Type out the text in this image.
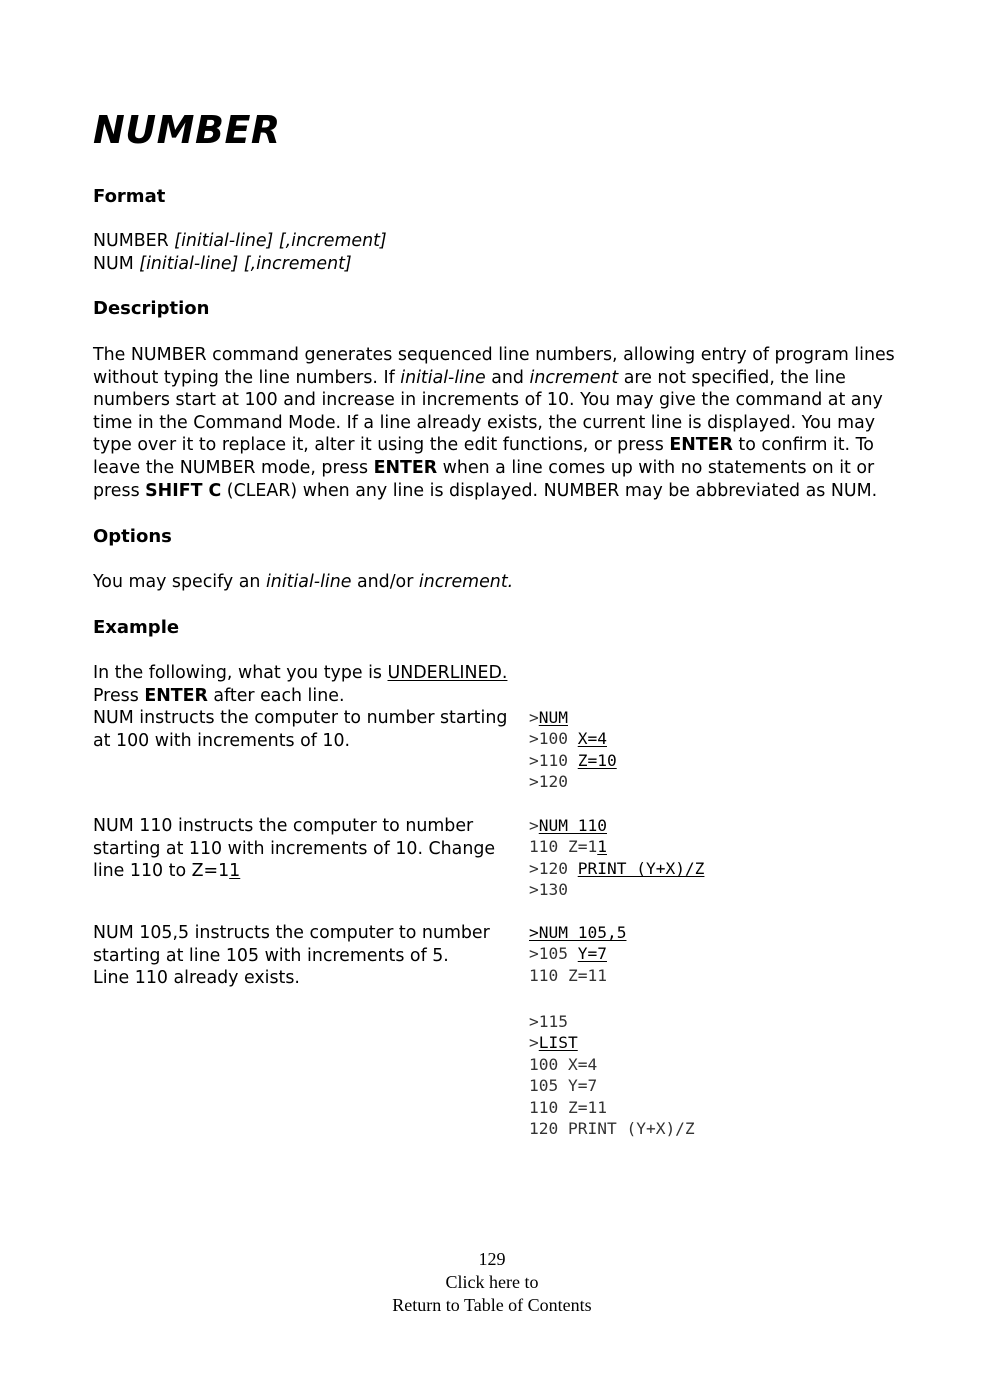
NUMBER
Format

NUMBER [initial-line] [,increment]

NUM [initial-line] [,increment]

Description

The NUMBER command generates sequenced line numbers, allowing entry of program lines

without typing the line numbers. If initial-line and increment are not specified, the line

numbers start at 100 and increase in increments of 10. You may give the command at any

time in the Command Mode. If a line already exists, the current line is displayed. You may

type over it to replace it, alter it using the edit functions, or press ENTER to confirm it. To

leave the NUMBER mode, press ENTER when a line comes up with no statements on it or

press SHIFT C (CLEAR) when any line is displayed. NUMBER may be abbreviated as NUM.

Options

You may specify an initial-line and/or increment.

Example

In the following, what you type is UNDERLINED.

Press ENTER after each line.

NUM instructs the computer to number starting

at 100 with increments of 10.

>NUM
>100 X=4
>110 Z=10
>120

NUM 110 instructs the computer to number

starting at 110 with increments of 10. Change

line 110 to Z=11

>NUM 110
110 Z=11
>120 PRINT (Y+X)/Z
>130

NUM 105,5 instructs the computer to number

starting at line 105 with increments of 5.

Line 110 already exists.

>NUM 105,5
>105 Y=7
110 Z=11
>115
>LIST
100 X=4
105 Y=7
110 Z=11
120 PRINT (Y+X)/Z
129
Click here to
Return to Table of Contents
